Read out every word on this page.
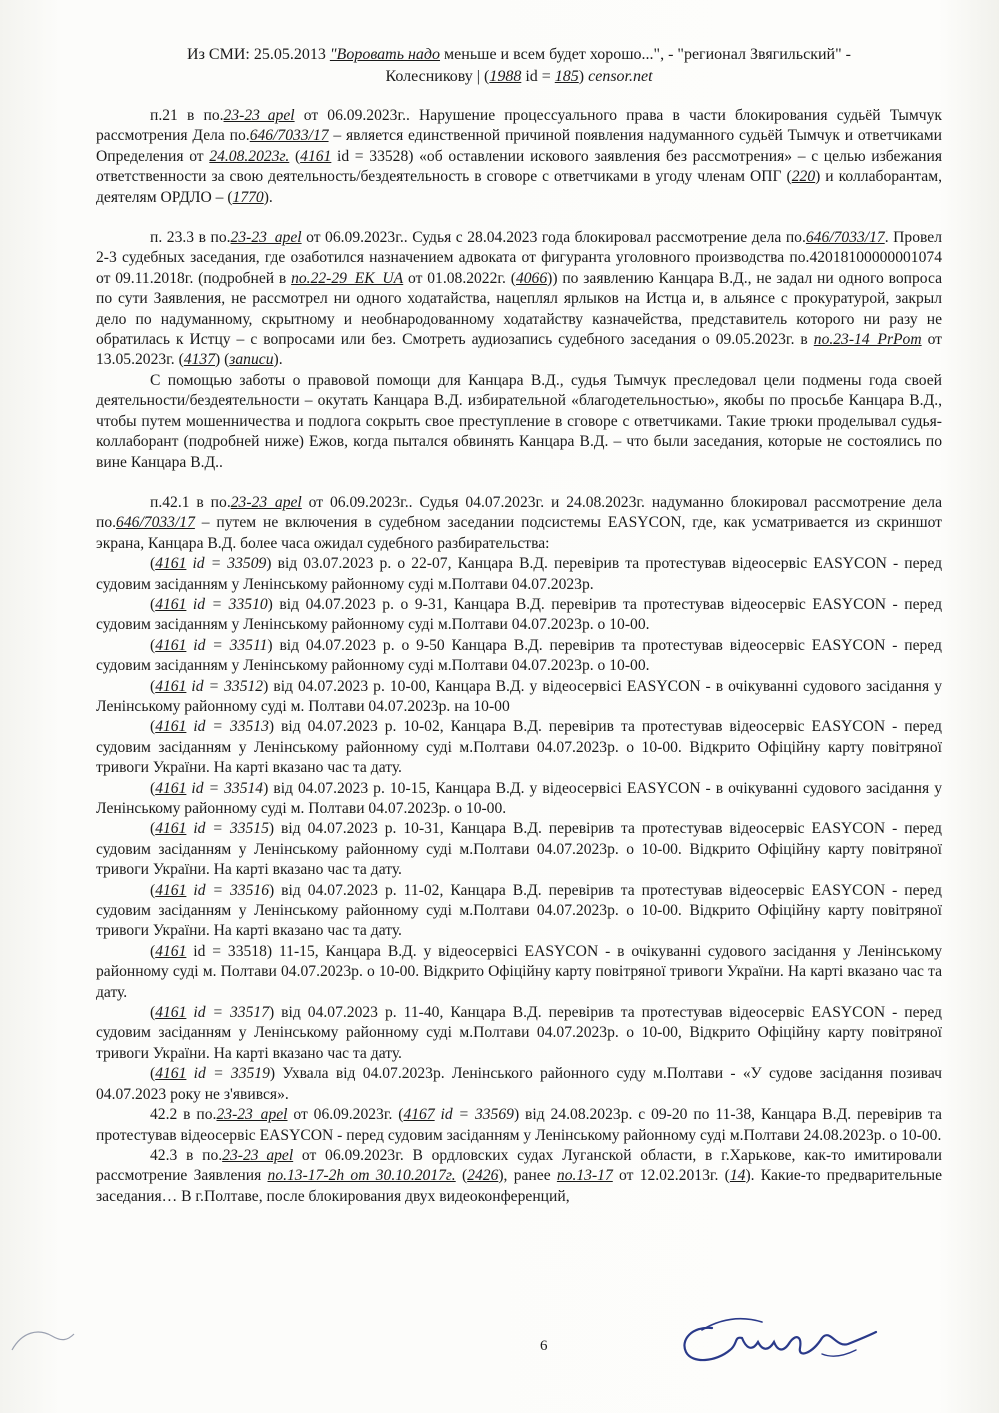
Из СМИ: 25.05.2013 "Воровать надо меньше и всем будет хорошо...", - "регионал Звягильский" -
Колесникову | (1988 id = 185) censor.net

п.21 в по.23-23_apel от 06.09.2023г.. Нарушение процессуального права в части блокирования судьёй Тымчук рассмотрения Дела по.646/7033/17 – является единственной причиной появления надуманного судьёй Тымчук и ответчиками Определения от 24.08.2023г. (4161 id = 33528) «об оставлении искового заявления без рассмотрения» – с целью избежания ответственности за свою деятельность/бездеятельность в сговоре с ответчиками в угоду членам ОПГ (220) и коллаборантам, деятелям ОРДЛО – (1770).

п. 23.3 в по.23-23_apel от 06.09.2023г.. Судья с 28.04.2023 года блокировал рассмотрение дела по.646/7033/17. Провел 2-3 судебных заседания, где озаботился назначением адвоката от фигуранта уголовного производства по.42018100000001074 от 09.11.2018г. (подробней в по.22-29_ЕК_UA от 01.08.2022г. (4066)) по заявлению Канцара В.Д., не задал ни одного вопроса по сути Заявления, не рассмотрел ни одного ходатайства, нацеплял ярлыков на Истца и, в альянсе с прокуратурой, закрыл дело по надуманному, скрытному и необнародованному ходатайству казначейства, представитель которого ни разу не обратилась к Истцу – с вопросами или без. Смотреть аудиозапись судебного заседания о 09.05.2023г. в по.23-14_PrPom от 13.05.2023г. (4137) (записи).

С помощью заботы о правовой помощи для Канцара В.Д., судья Тымчук преследовал цели подмены года своей деятельности/бездеятельности – окутать Канцара В.Д. избирательной «благодетельностью», якобы по просьбе Канцара В.Д., чтобы путем мошенничества и подлога сокрыть свое преступление в сговоре с ответчиками. Такие трюки проделывал судья-коллаборант (подробней ниже) Ежов, когда пытался обвинять Канцара В.Д. – что были заседания, которые не состоялись по вине Канцара В.Д..

п.42.1 в по.23-23_apel от 06.09.2023г.. Судья 04.07.2023г. и 24.08.2023г. надуманно блокировал рассмотрение дела по.646/7033/17 – путем не включения в судебном заседании подсистемы EASYCON, где, как усматривается из скриншот экрана, Канцара В.Д. более часа ожидал судебного разбирательства:

(4161 id = 33509) від 03.07.2023 р. о 22-07, Канцара В.Д. перевірив та протестував відеосервіс EASYCON - перед судовим засіданням у Ленінському районному суді м.Полтави 04.07.2023р.

(4161 id = 33510) від 04.07.2023 р. о 9-31, Канцара В.Д. перевірив та протестував відеосервіс EASYCON - перед судовим засіданням у Ленінському районному суді м.Полтави 04.07.2023р. о 10-00.

(4161 id = 33511) від 04.07.2023 р. о 9-50 Канцара В.Д. перевірив та протестував відеосервіс EASYCON - перед судовим засіданням у Ленінському районному суді м.Полтави 04.07.2023р. о 10-00.

(4161 id = 33512) від 04.07.2023 р. 10-00, Канцара В.Д. у відеосервісі EASYCON - в очікуванні судового засідання у Ленінському районному суді м. Полтави 04.07.2023р. на 10-00

(4161 id = 33513) від 04.07.2023 р. 10-02, Канцара В.Д. перевірив та протестував відеосервіс EASYCON - перед судовим засіданням у Ленінському районному суді м.Полтави 04.07.2023р. о 10-00. Відкрито Офіційну карту повітряної тривоги України. На карті вказано час та дату.

(4161 id = 33514) від 04.07.2023 р. 10-15, Канцара В.Д. у відеосервісі EASYCON - в очікуванні судового засідання у Ленінському районному суді м. Полтави 04.07.2023р. о 10-00.

(4161 id = 33515) від 04.07.2023 р. 10-31, Канцара В.Д. перевірив та протестував відеосервіс EASYCON - перед судовим засіданням у Ленінському районному суді м.Полтави 04.07.2023р. о 10-00. Відкрито Офіційну карту повітряної тривоги України. На карті вказано час та дату.

(4161 id = 33516) від 04.07.2023 р. 11-02, Канцара В.Д. перевірив та протестував відеосервіс EASYCON - перед судовим засіданням у Ленінському районному суді м.Полтави 04.07.2023р. о 10-00. Відкрито Офіційну карту повітряної тривоги України. На карті вказано час та дату.

(4161 id = 33518) 11-15, Канцара В.Д. у відеосервісі EASYCON - в очікуванні судового засідання у Ленінському районному суді м. Полтави 04.07.2023р. о 10-00. Відкрито Офіційну карту повітряної тривоги України. На карті вказано час та дату.

(4161 id = 33517) від 04.07.2023 р. 11-40, Канцара В.Д. перевірив та протестував відеосервіс EASYCON - перед судовим засіданням у Ленінському районному суді м.Полтави 04.07.2023р. о 10-00, Відкрито Офіційну карту повітряної тривоги України. На карті вказано час та дату.

(4161 id = 33519) Ухвала від 04.07.2023р. Ленінського районного суду м.Полтави - «У судове засідання позивач 04.07.2023 року не з'явився».

42.2 в по.23-23_apel от 06.09.2023г. (4167 id = 33569) від 24.08.2023р. с 09-20 по 11-38, Канцара В.Д. перевірив та протестував відеосервіс EASYCON - перед судовим засіданням у Ленінському районному суді м.Полтави 24.08.2023р. о 10-00.

42.3 в по.23-23_apel от 06.09.2023г. В ордловских судах Луганской области, в г.Харькове, как-то имитировали рассмотрение Заявления по.13-17-2h от 30.10.2017г. (2426), ранее по.13-17 от 12.02.2013г. (14). Какие-то предварительные заседания… В г.Полтаве, после блокирования двух видеоконференций,

6
